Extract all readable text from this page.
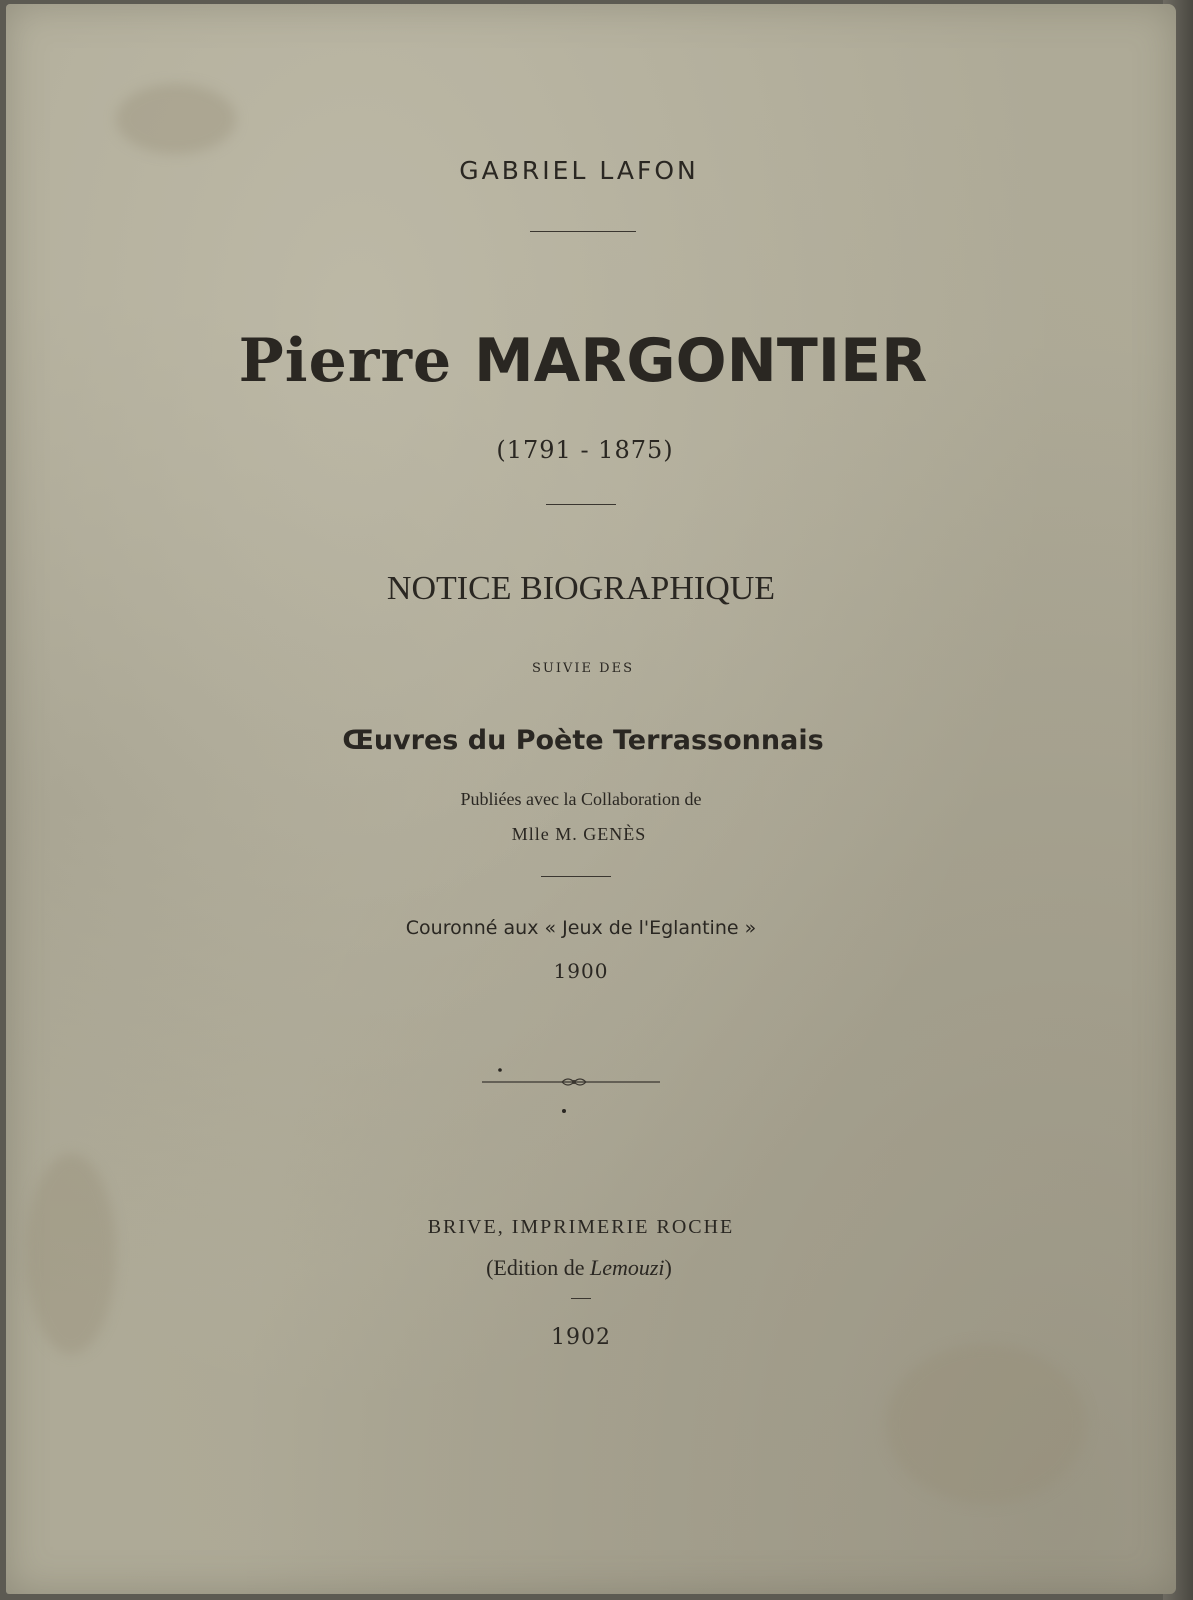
GABRIEL LAFON
Pierre MARGONTIER
(1791 - 1875)
NOTICE BIOGRAPHIQUE
SUIVIE DES
Œuvres du Poète Terrassonnais
Publiées avec la Collaboration de
Mlle M. GENÈS
Couronné aux « Jeux de l'Eglantine »
1900
BRIVE, IMPRIMERIE ROCHE
(Edition de Lemouzi)
1902
